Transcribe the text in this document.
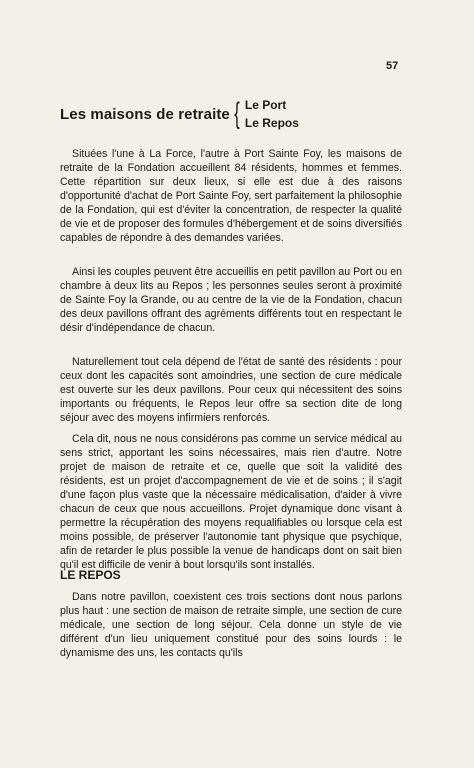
57
Les maisons de retraite { Le Port
Le Repos

Situées l'une à La Force, l'autre à Port Sainte Foy, les maisons de retraite de la Fondation accueillent 84 résidents, hommes et femmes. Cette répartition sur deux lieux, si elle est due à des raisons d'opportunité d'achat de Port Sainte Foy, sert parfaitement la philosophie de la Fondation, qui est d'éviter la concentration, de respecter la qualité de vie et de proposer des formules d'hébergement et de soins diversifiés capables de répondre à des demandes variées.

Ainsi les couples peuvent être accueillis en petit pavillon au Port ou en chambre à deux lits au Repos ; les personnes seules seront à proximité de Sainte Foy la Grande, ou au centre de la vie de la Fondation, chacun des deux pavillons offrant des agréments différents tout en respectant le désir d'indépendance de chacun.

Naturellement tout cela dépend de l'état de santé des résidents : pour ceux dont les capacités sont amoindries, une section de cure médicale est ouverte sur les deux pavillons. Pour ceux qui nécessitent des soins importants ou fréquents, le Repos leur offre sa section dite de long séjour avec des moyens infirmiers renforcés.

Cela dit, nous ne nous considérons pas comme un service médical au sens strict, apportant les soins nécessaires, mais rien d'autre. Notre projet de maison de retraite et ce, quelle que soit la validité des résidents, est un projet d'accompagnement de vie et de soins ; il s'agit d'une façon plus vaste que la nécessaire médicalisation, d'aider à vivre chacun de ceux que nous accueillons. Projet dynamique donc visant à permettre la récupération des moyens requalifiables ou lorsque cela est moins possible, de préserver l'autonomie tant physique que psychique, afin de retarder le plus possible la venue de handicaps dont on sait bien qu'il est difficile de venir à bout lorsqu'ils sont installés.

LE REPOS

Dans notre pavillon, coexistent ces trois sections dont nous parlons plus haut : une section de maison de retraite simple, une section de cure médicale, une section de long séjour. Cela donne un style de vie différent d'un lieu uniquement constitué pour des soins lourds : le dynamisme des uns, les contacts qu'ils
